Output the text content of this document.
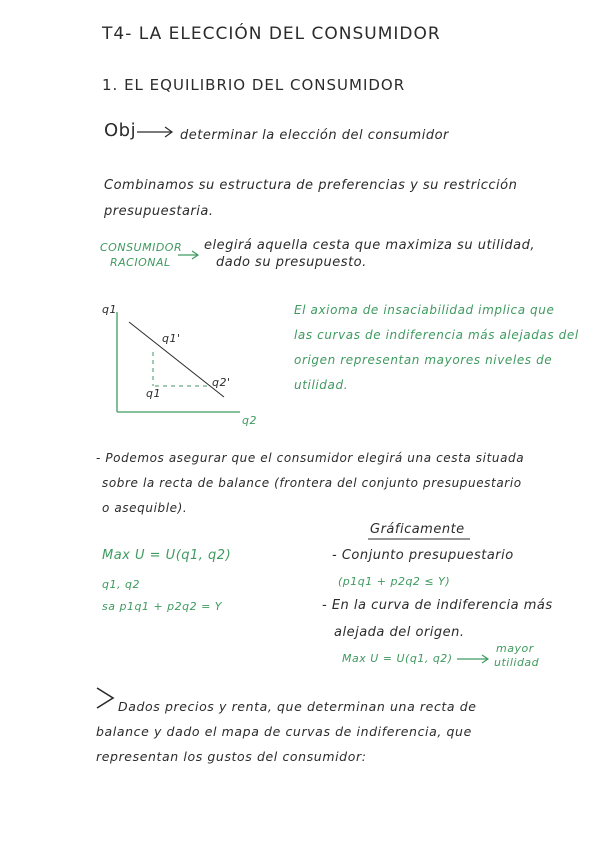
T4- LA ELECCIÓN DEL CONSUMIDOR
1. EL EQUILIBRIO DEL CONSUMIDOR
Obj	determinar la elección del consumidor
Combinamos su estructura de preferencias y su restricción
presupuestaria.
CONSUMIDOR
RACIONAL
elegirá aquella cesta que maximiza su utilidad,
dado su presupuesto.
q1
q2
q1'
q2'
q1
El axioma de insaciabilidad implica que
las curvas de indiferencia más alejadas del
origen representan mayores niveles de utilidad.
- Podemos asegurar que el consumidor elegirá una cesta situada
sobre la recta de balance (frontera del conjunto presupuestario
o asequible).
Gráficamente
Max U = U(q1, q2)
q1, q2
sa p1q1 + p2q2 = Y
- Conjunto presupuestario
(p1q1 + p2q2 ≤ Y)
- En la curva de indiferencia más
alejada del origen.
Max U = U(q1, q2)
mayor
utilidad
Dados precios y renta, que determinan una recta de
balance y dado el mapa de curvas de indiferencia, que
representan los gustos del consumidor:
